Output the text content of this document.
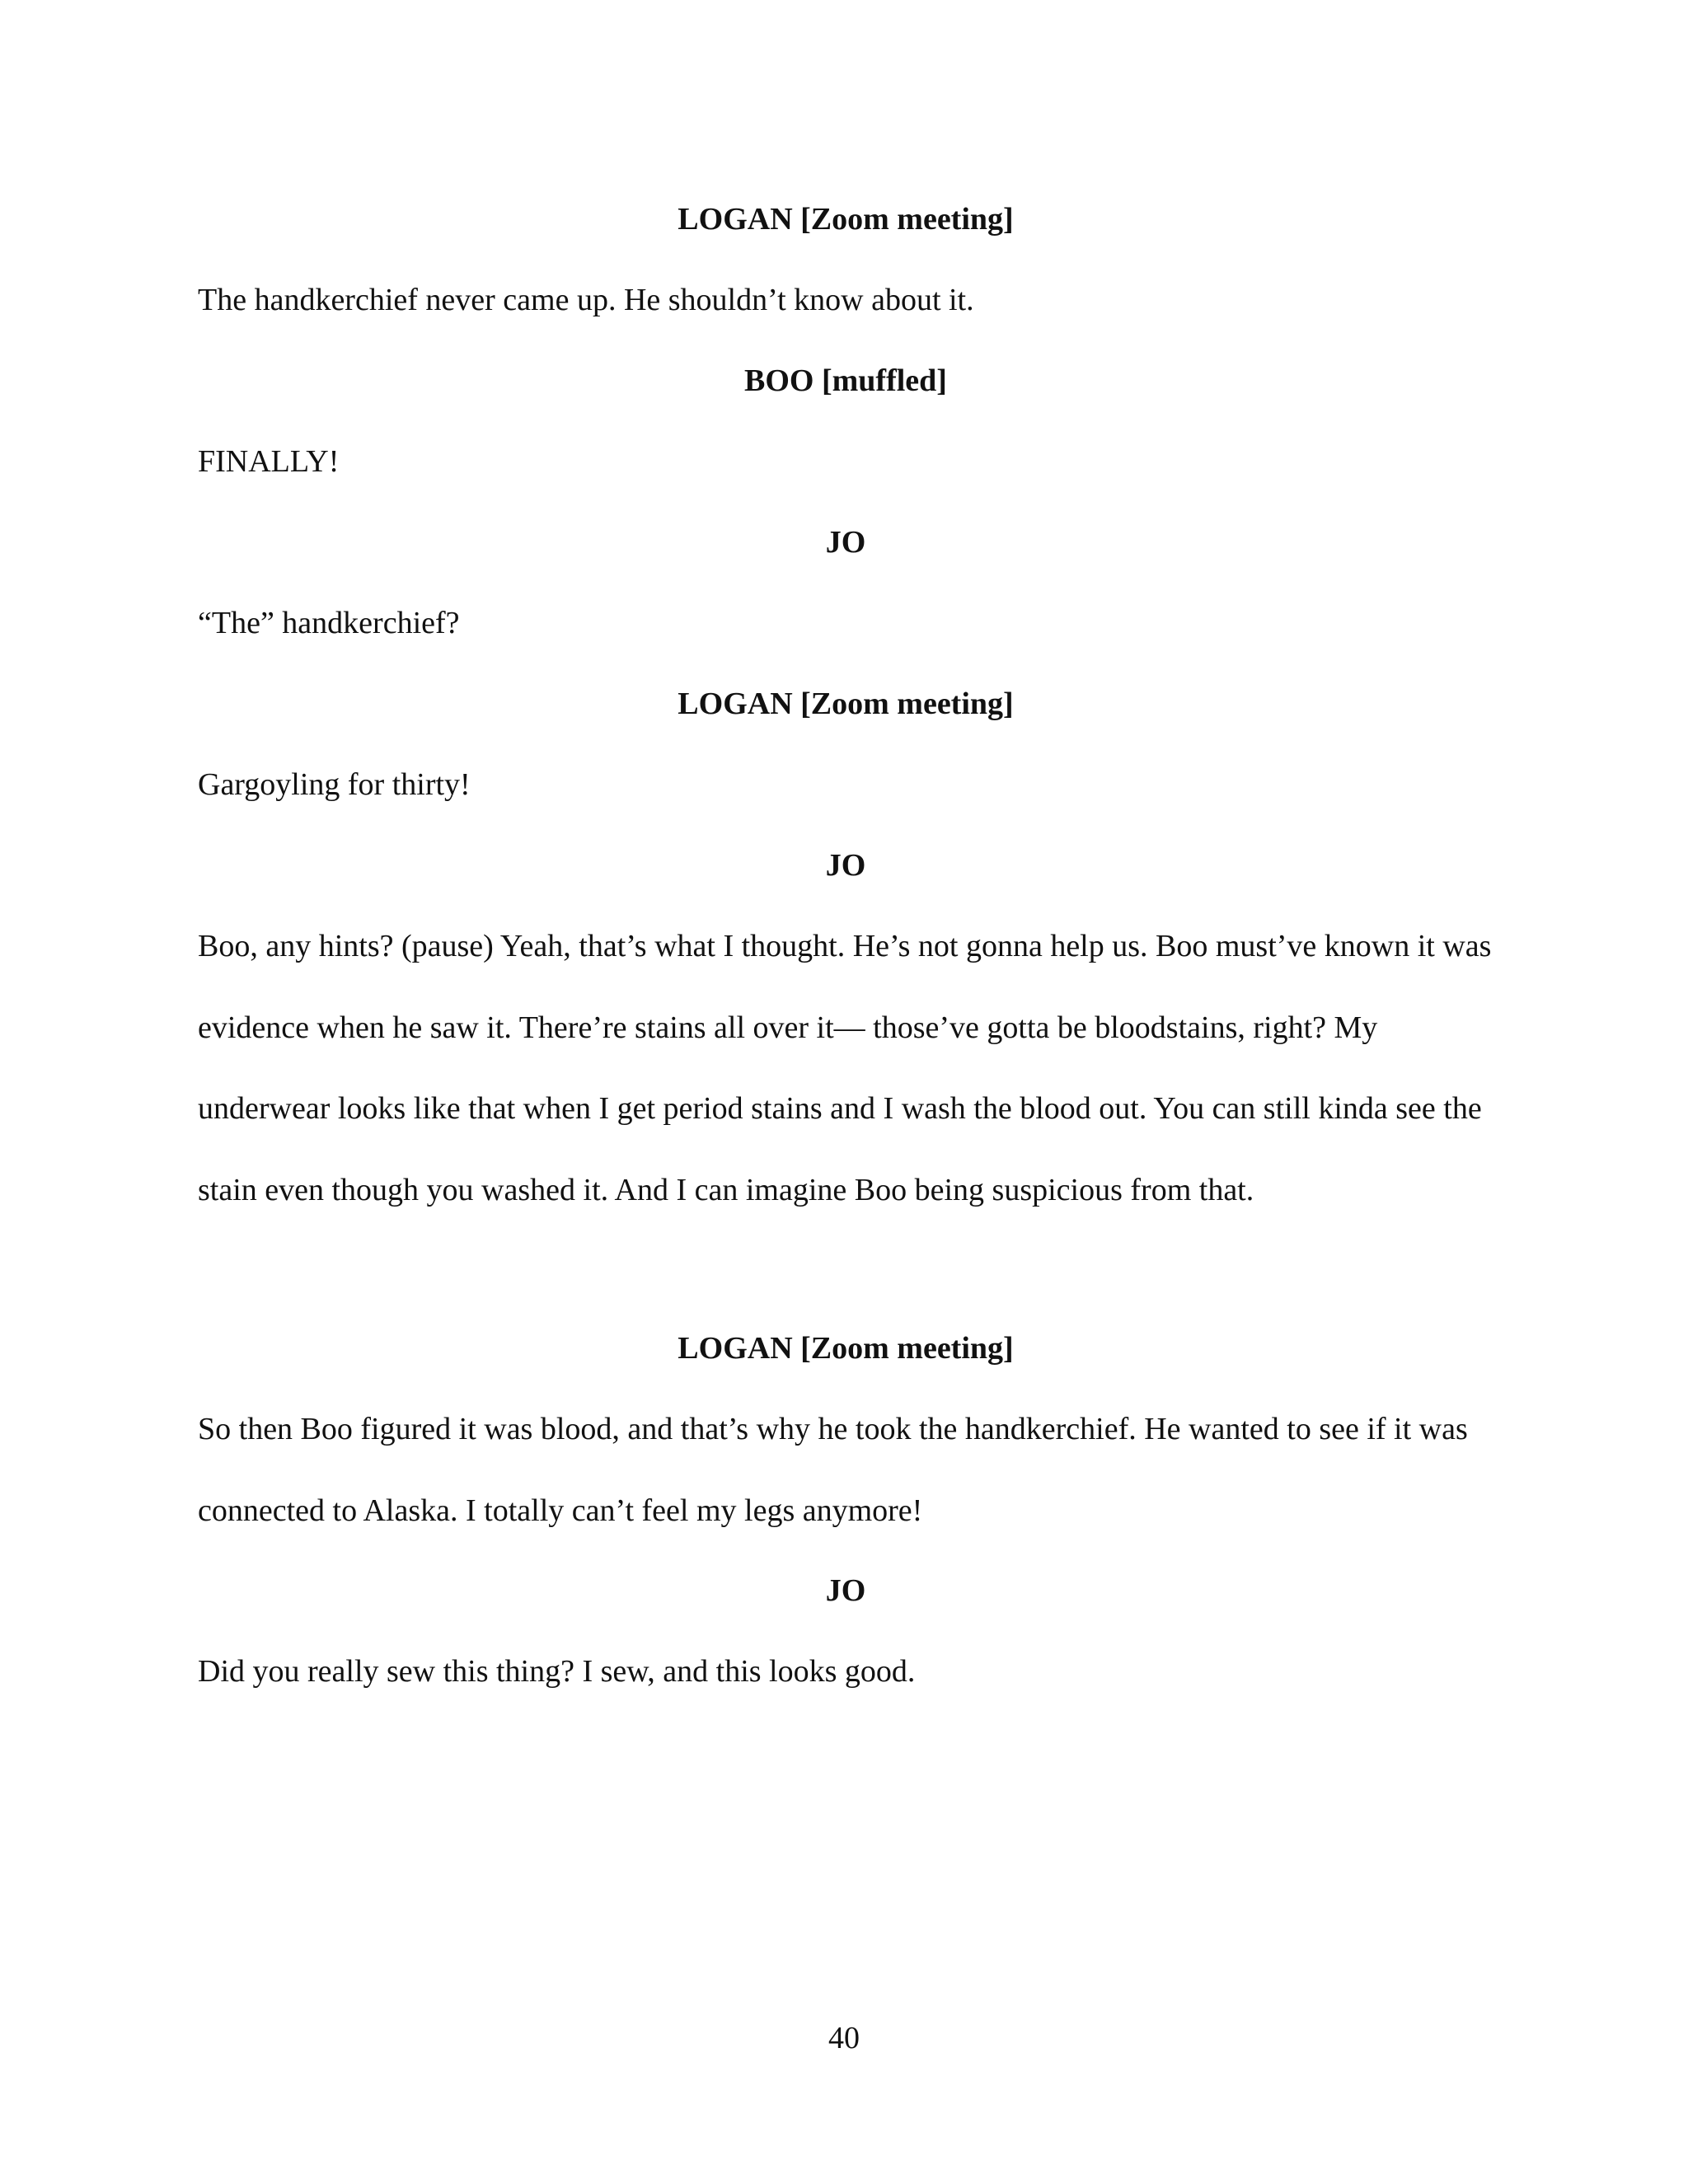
LOGAN [Zoom meeting]
The handkerchief never came up. He shouldn’t know about it.
BOO [muffled]
FINALLY!
JO
“The” handkerchief?
LOGAN [Zoom meeting]
Gargoyling for thirty!
JO
Boo, any hints? (pause) Yeah, that’s what I thought. He’s not gonna help us. Boo must’ve known it was evidence when he saw it. There’re stains all over it— those’ve gotta be bloodstains, right? My underwear looks like that when I get period stains and I wash the blood out. You can still kinda see the stain even though you washed it. And I can imagine Boo being suspicious from that.
LOGAN [Zoom meeting]
So then Boo figured it was blood, and that’s why he took the handkerchief. He wanted to see if it was connected to Alaska. I totally can’t feel my legs anymore!
JO
Did you really sew this thing? I sew, and this looks good.
40
